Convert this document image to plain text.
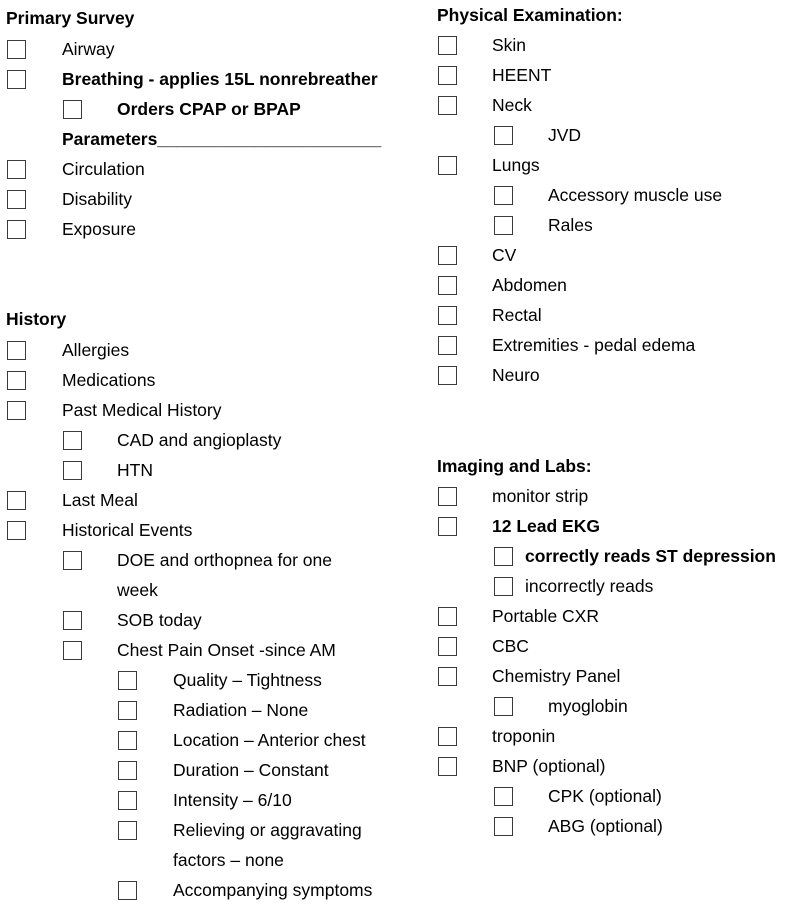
Primary Survey
Airway
Breathing - applies 15L nonrebreather
Orders CPAP or BPAP
Parameters_______________________
Circulation
Disability
Exposure
History
Allergies
Medications
Past Medical History
CAD and angioplasty
HTN
Last Meal
Historical Events
DOE and orthopnea for one
week
SOB today
Chest Pain Onset -since AM
Quality – Tightness
Radiation – None
Location – Anterior chest
Duration – Constant
Intensity – 6/10
Relieving or aggravating
factors – none
Accompanying symptoms
Physical Examination:
Skin
HEENT
Neck
JVD
Lungs
Accessory muscle use
Rales
CV
Abdomen
Rectal
Extremities - pedal edema
Neuro
Imaging and Labs:
monitor strip
12 Lead EKG
correctly reads ST depression
incorrectly reads
Portable CXR
CBC
Chemistry Panel
myoglobin
troponin
BNP (optional)
CPK (optional)
ABG (optional)
